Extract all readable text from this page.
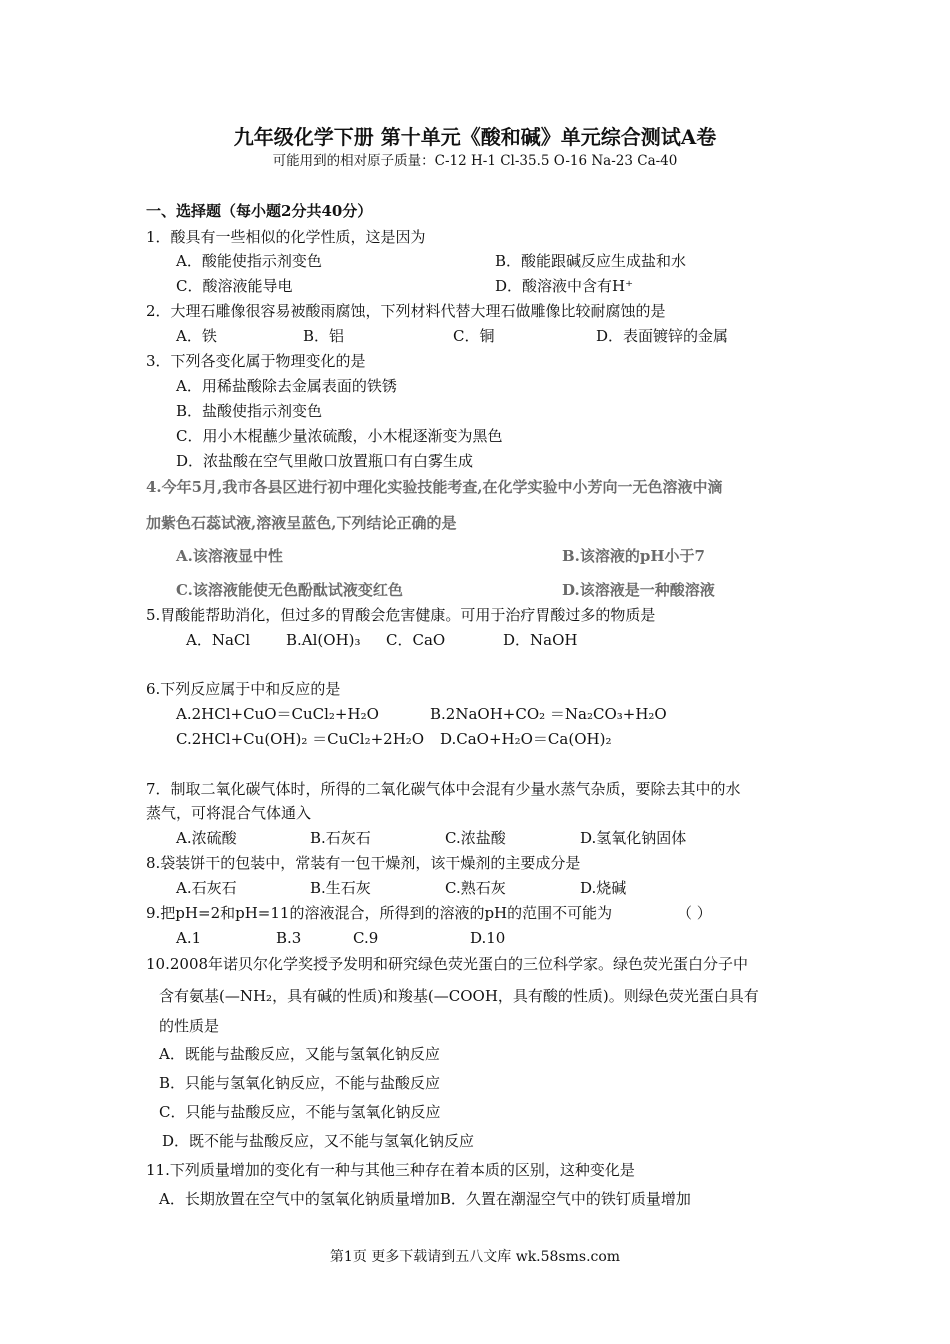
九年级化学下册 第十单元《酸和碱》单元综合测试A卷
可能用到的相对原子质量：C-12 H-1 Cl-35.5 O-16 Na-23 Ca-40
一、选择题（每小题2分共40分）
1．酸具有一些相似的化学性质，这是因为
A．酸能使指示剂变色	B．酸能跟碱反应生成盐和水
C．酸溶液能导电	D．酸溶液中含有H⁺
2．大理石雕像很容易被酸雨腐蚀，下列材料代替大理石做雕像比较耐腐蚀的是
A．铁	B．铝	C．铜	D．表面镀锌的金属
3．下列各变化属于物理变化的是
A．用稀盐酸除去金属表面的铁锈
B．盐酸使指示剂变色
C．用小木棍蘸少量浓硫酸，小木棍逐渐变为黑色
D．浓盐酸在空气里敞口放置瓶口有白雾生成
4.今年5月,我市各县区进行初中理化实验技能考查,在化学实验中小芳向一无色溶液中滴
加紫色石蕊试液,溶液呈蓝色,下列结论正确的是
A.该溶液显中性	B.该溶液的pH小于7
C.该溶液能使无色酚酞试液变红色	D.该溶液是一种酸溶液
5.胃酸能帮助消化，但过多的胃酸会危害健康。可用于治疗胃酸过多的物质是
A．NaCl B.Al(OH)₃ C．CaO	D．NaOH
6.下列反应属于中和反应的是
A.2HCl+CuO＝CuCl₂+H₂O	B.2NaOH+CO₂ ＝Na₂CO₃+H₂O
C.2HCl+Cu(OH)₂ ＝CuCl₂+2H₂O D.CaO+H₂O＝Ca(OH)₂
7．制取二氧化碳气体时，所得的二氧化碳气体中会混有少量水蒸气杂质，要除去其中的水
蒸气，可将混合气体通入
A.浓硫酸	B.石灰石	C.浓盐酸	D.氢氧化钠固体
8.袋装饼干的包装中，常装有一包干燥剂，该干燥剂的主要成分是
A.石灰石	B.生石灰	C.熟石灰	D.烧碱
9.把pH=2和pH=11的溶液混合，所得到的溶液的pH的范围不可能为	（ ）
A.1	B.3	C.9	D.10
10.2008年诺贝尔化学奖授予发明和研究绿色荧光蛋白的三位科学家。绿色荧光蛋白分子中
含有氨基(—NH₂，具有碱的性质)和羧基(—COOH，具有酸的性质)。则绿色荧光蛋白具有
的性质是
A．既能与盐酸反应，又能与氢氧化钠反应
B．只能与氢氧化钠反应，不能与盐酸反应
C．只能与盐酸反应，不能与氢氧化钠反应
D．既不能与盐酸反应，又不能与氢氧化钠反应
11.下列质量增加的变化有一种与其他三种存在着本质的区别，这种变化是
A．长期放置在空气中的氢氧化钠质量增加B．久置在潮湿空气中的铁钉质量增加
第1页 更多下载请到五八文库 wk.58sms.com
